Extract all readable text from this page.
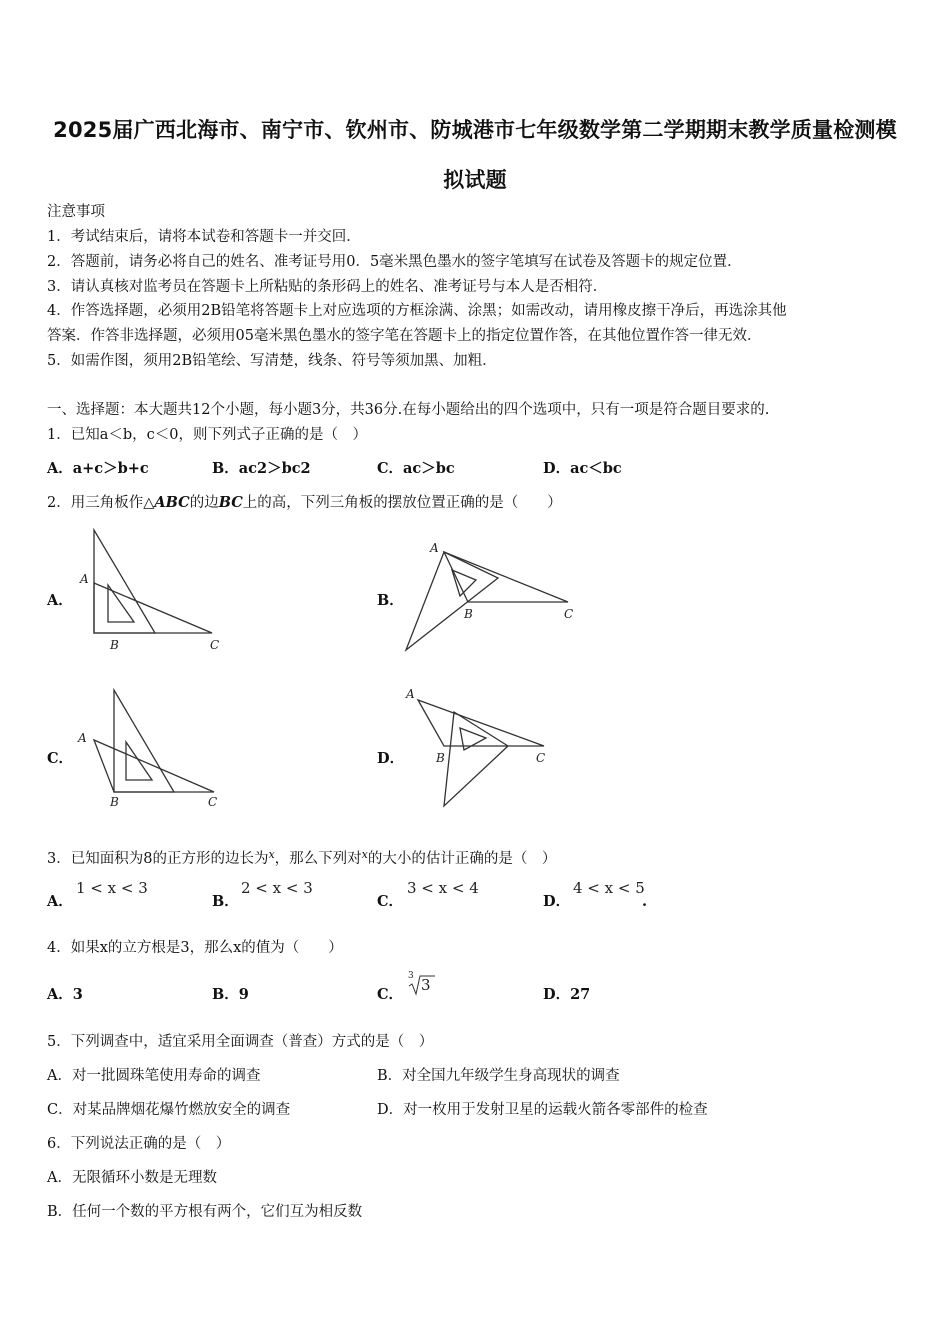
2025届广西北海市、南宁市、钦州市、防城港市七年级数学第二学期期末教学质量检测模
拟试题
注意事项
1．考试结束后，请将本试卷和答题卡一并交回．
2．答题前，请务必将自己的姓名、准考证号用0．5毫米黑色墨水的签字笔填写在试卷及答题卡的规定位置．
3．请认真核对监考员在答题卡上所粘贴的条形码上的姓名、准考证号与本人是否相符．
4．作答选择题，必须用2B铅笔将答题卡上对应选项的方框涂满、涂黑；如需改动，请用橡皮擦干净后，再选涂其他
答案．作答非选择题，必须用05毫米黑色墨水的签字笔在答题卡上的指定位置作答，在其他位置作答一律无效．
5．如需作图，须用2B铅笔绘、写清楚，线条、符号等须加黑、加粗．
一、选择题：本大题共12个小题，每小题3分，共36分.在每小题给出的四个选项中，只有一项是符合题目要求的.
1．已知a＜b，c＜0，则下列式子正确的是（　）
A．a+c＞b+c	B．ac2＞bc2	C．ac＞bc	D．ac＜bc
2．用三角板作△ABC的边BC上的高，下列三角板的摆放位置正确的是（　　）
A．	B．
C．	D．
A
B	C
A
B	C
A
B	C
A
B	C
3．已知面积为8的正方形的边长为$^x$，那么下列对$^x$的大小的估计正确的是（　）
A．
1 < x < 3
B．
2 < x < 3
C．
3 < x < 4
D．
4 < x < 5
.
4．如果x的立方根是3，那么x的值为（　　）
A．3	B．9	C．
3 3
D．27
5．下列调查中，适宜采用全面调查（普查）方式的是（　）
A．对一批圆珠笔使用寿命的调查	B．对全国九年级学生身高现状的调查
C．对某品牌烟花爆竹燃放安全的调查	D．对一枚用于发射卫星的运载火箭各零部件的检查
6．下列说法正确的是（　）
A．无限循环小数是无理数
B．任何一个数的平方根有两个，它们互为相反数
